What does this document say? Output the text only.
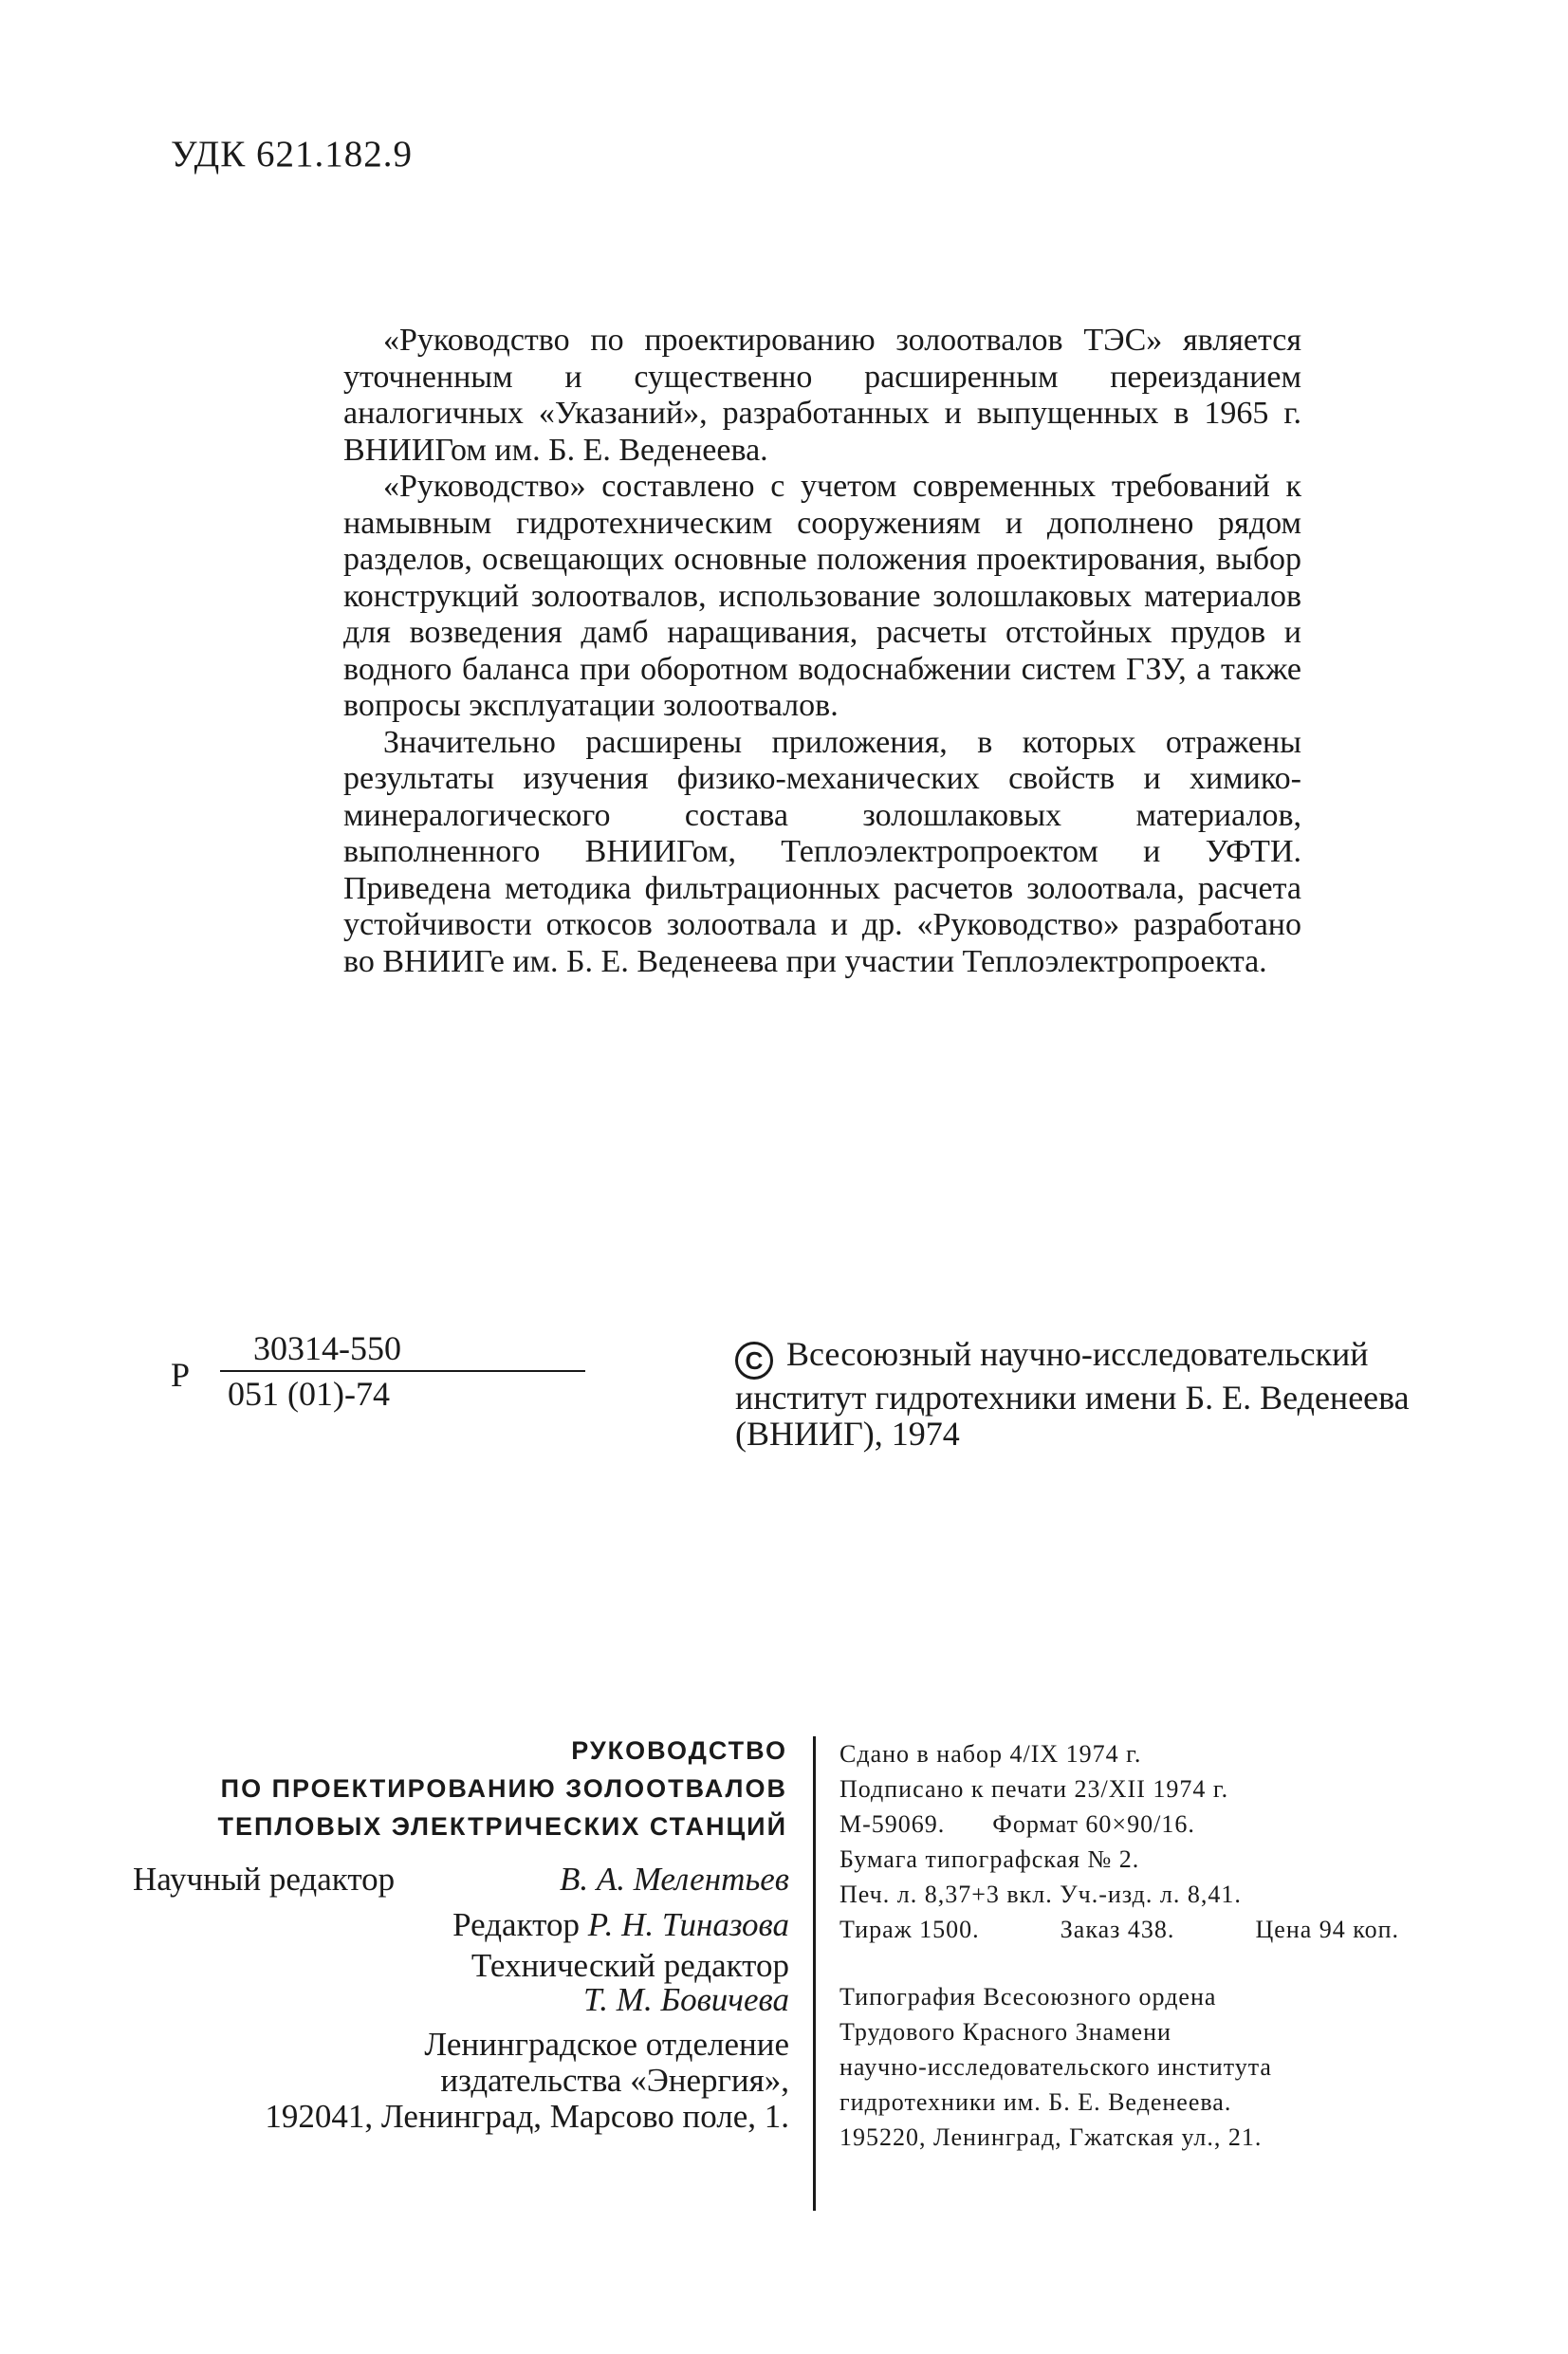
УДК 621.182.9

«Руководство по проектированию золоотвалов ТЭС» является уточненным и существенно расширенным переизданием аналогичных «Указаний», разработанных и выпущенных в 1965 г. ВНИИГом им. Б. Е. Веденеева.

«Руководство» составлено с учетом современных требований к намывным гидротехническим сооружениям и дополнено рядом разделов, освещающих основные положения проектирования, выбор конструкций золоотвалов, использование золошлаковых материалов для возведения дамб наращивания, расчеты отстойных прудов и водного баланса при оборотном водоснабжении систем ГЗУ, а также вопросы эксплуатации золоотвалов.

Значительно расширены приложения, в которых отражены результаты изучения физико-механических свойств и химико-минералогического состава золошлаковых материалов, выполненного ВНИИГом, Теплоэлектропроектом и УФТИ. Приведена методика фильтрационных расчетов золоотвала, расчета устойчивости откосов золоотвала и др. «Руководство» разработано во ВНИИГе им. Б. Е. Веденеева при участии Теплоэлектропроекта.

Р
30314-550
051 (01)-74
С Всесоюзный научно-исследовательский
институт гидротехники имени Б. Е. Веденеева
(ВНИИГ), 1974
РУКОВОДСТВО
ПО ПРОЕКТИРОВАНИЮ ЗОЛООТВАЛОВ
ТЕПЛОВЫХ ЭЛЕКТРИЧЕСКИХ СТАНЦИЙ
Научный редактор	В. А. Мелентьев
Редактор Р. Н. Тиназова
Технический редактор
Т. М. Бовичева
Ленинградское отделение
издательства «Энергия»,
192041, Ленинград, Марсово поле, 1.
Сдано в набор 4/IX 1974 г.
Подписано к печати 23/XII 1974 г.
М-59069. Формат 60×90/16.
Бумага типографская № 2.
Печ. л. 8,37+3 вкл. Уч.-изд. л. 8,41.
Тираж 1500.	Заказ 438.	Цена 94 коп.
Типография Всесоюзного ордена
Трудового Красного Знамени
научно-исследовательского института
гидротехники им. Б. Е. Веденеева.
195220, Ленинград, Гжатская ул., 21.
